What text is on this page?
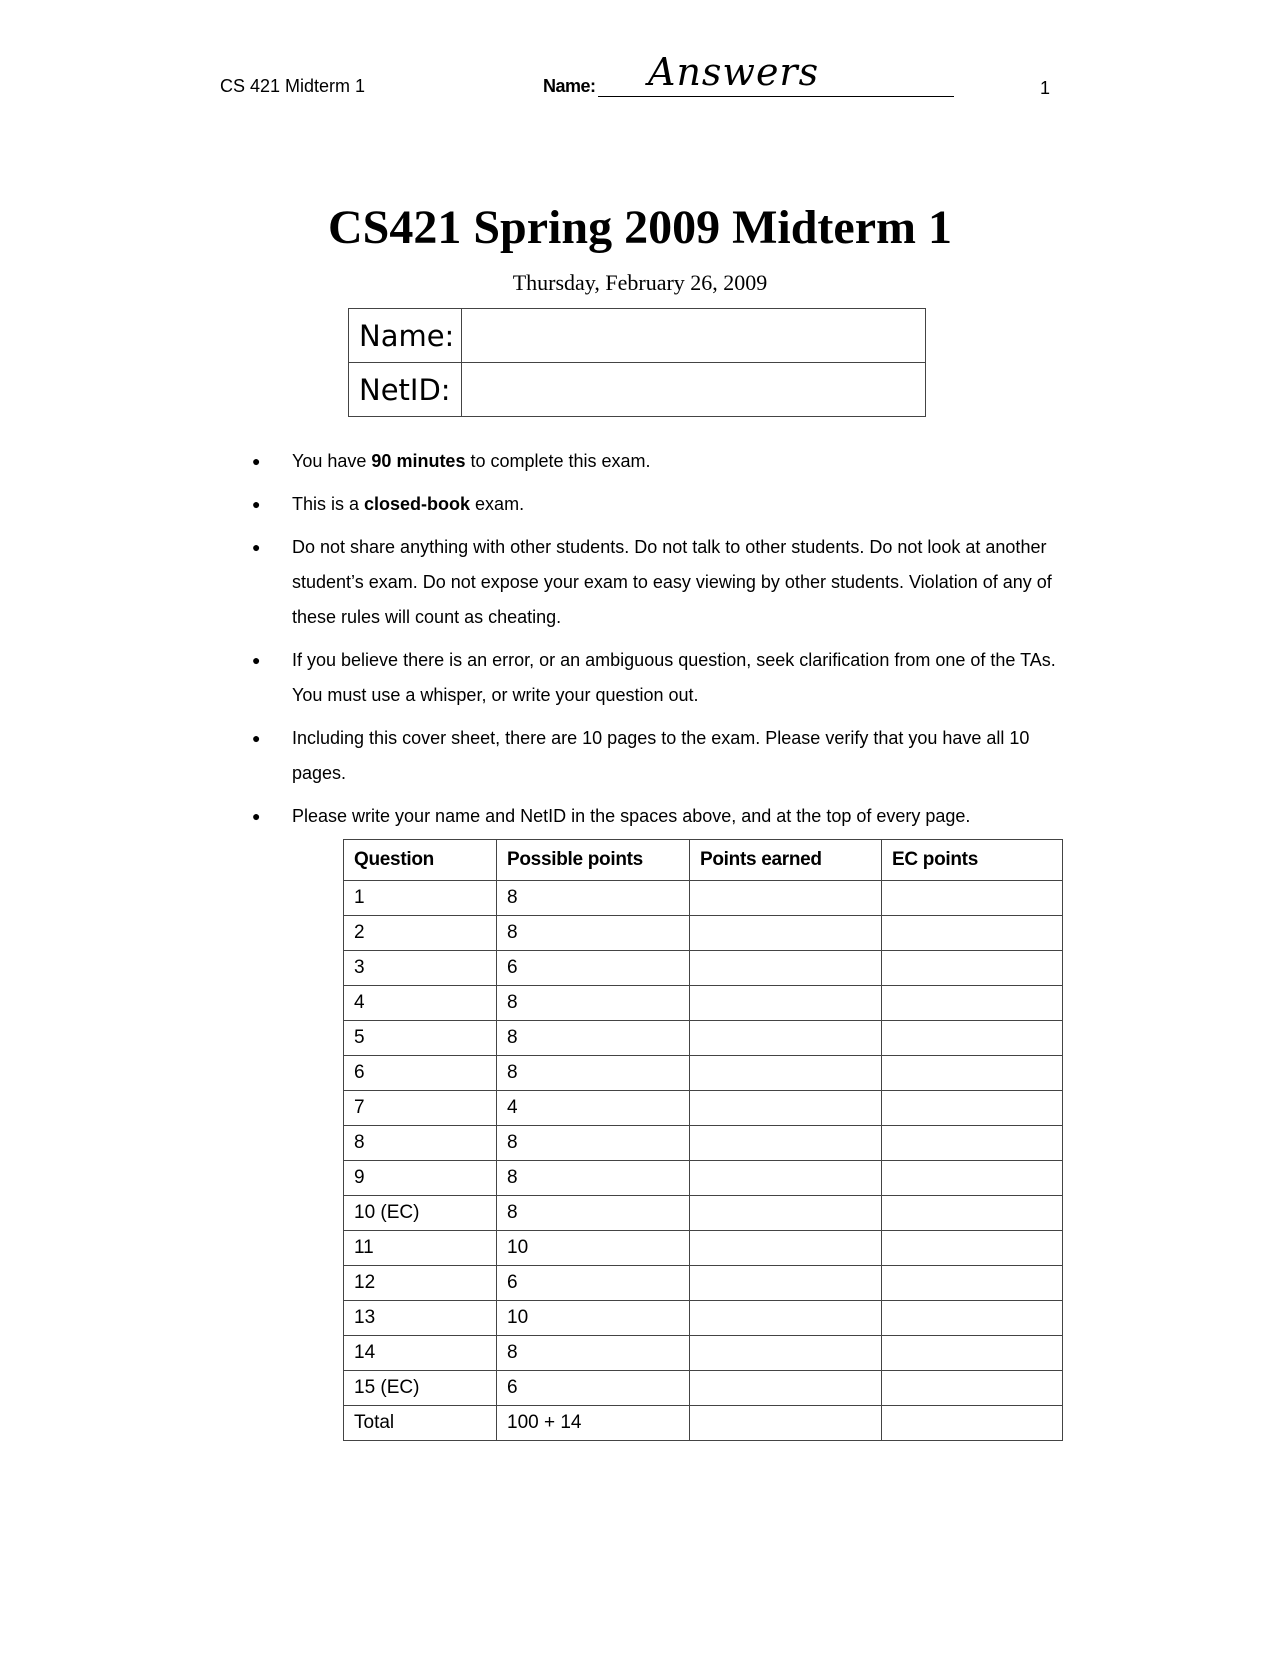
CS 421 Midterm 1	Name: Answers	1
CS421 Spring 2009 Midterm 1
Thursday, February 26, 2009
Name:	
NetID:	
● You have 90 minutes to complete this exam.
● This is a closed-book exam.
● Do not share anything with other students. Do not talk to other students. Do not look at another student’s exam. Do not expose your exam to easy viewing by other students. Violation of any of these rules will count as cheating.
● If you believe there is an error, or an ambiguous question, seek clarification from one of the TAs. You must use a whisper, or write your question out.
● Including this cover sheet, there are 10 pages to the exam. Please verify that you have all 10 pages.
● Please write your name and NetID in the spaces above, and at the top of every page.
Question	Possible points	Points earned	EC points
1	8		
2	8		
3	6		
4	8		
5	8		
6	8		
7	4		
8	8		
9	8		
10 (EC)	8		
11	10		
12	6		
13	10		
14	8		
15 (EC)	6		
Total	100 + 14		
